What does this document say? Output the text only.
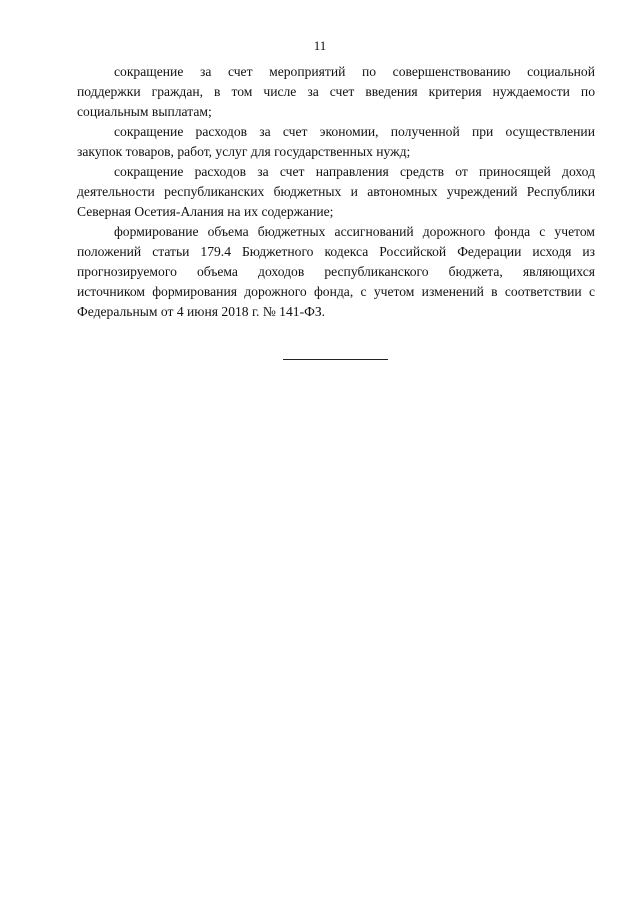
11

сокращение за счет мероприятий по совершенствованию социальной
поддержки граждан, в том числе за счет введения критерия нуждаемости по
социальным выплатам;

сокращение расходов за счет экономии, полученной при осуществлении
закупок товаров, работ, услуг для государственных нужд;

сокращение расходов за счет направления средств от приносящей доход
деятельности республиканских бюджетных и автономных учреждений Республики
Северная Осетия-Алания на их содержание;

формирование объема бюджетных ассигнований дорожного фонда с учетом
положений статьи 179.4 Бюджетного кодекса Российской Федерации исходя из
прогнозируемого объема доходов республиканского бюджета, являющихся
источником формирования дорожного фонда, с учетом изменений в соответствии с
Федеральным от 4 июня 2018 г. № 141-ФЗ.
